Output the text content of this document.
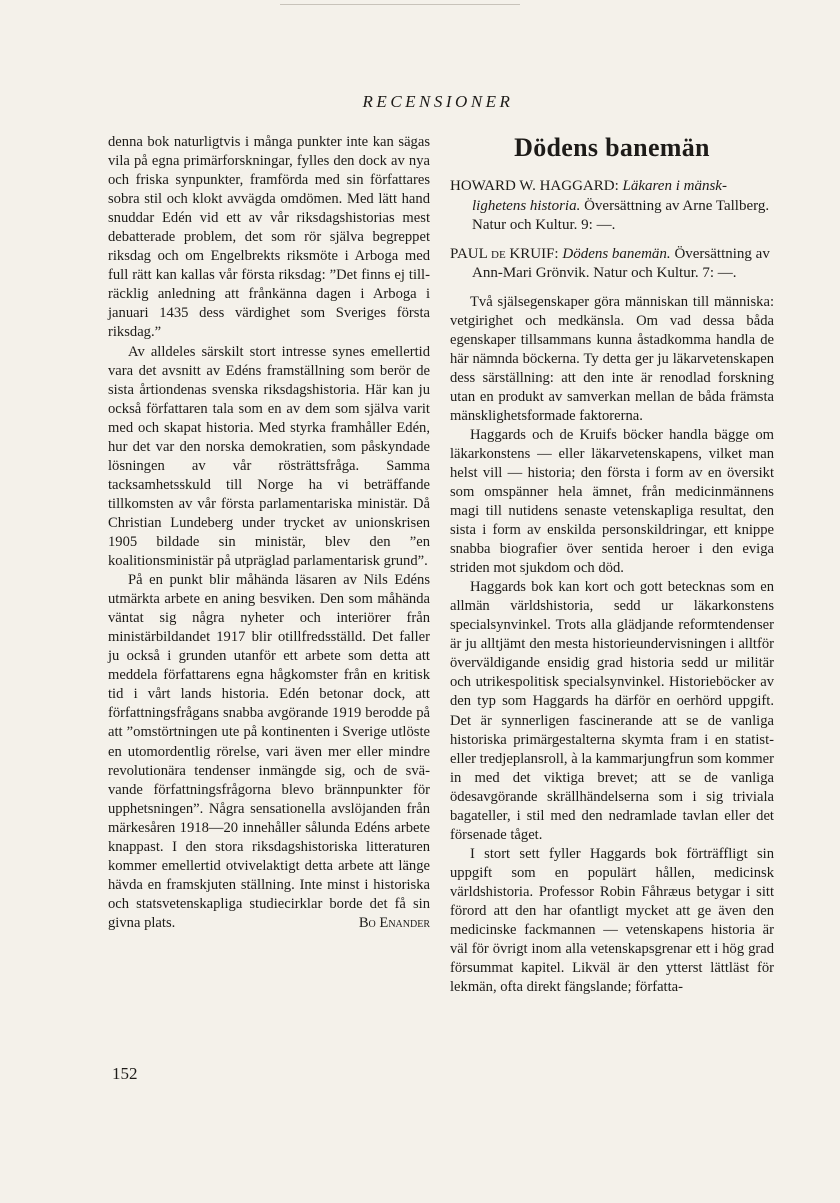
RECENSIONER

denna bok naturligtvis i många punkter inte kan sägas vila på egna primärforskningar, fylles den dock av nya och friska synpunkter, framförda med sin författares sobra stil och klokt avvägda omdömen. Med lätt hand snuddar Edén vid ett av vår riksdagshistorias mest debatterade problem, det som rör själva begreppet riksdag och om Engelbrekts riksmöte i Arboga med full rätt kan kallas vår första riksdag: ”Det finns ej tillräcklig anledning att frånkänna dagen i Arboga i januari 1435 dess värdighet som Sveriges första riksdag.”

Av alldeles särskilt stort intresse synes emellertid vara det avsnitt av Edéns framställning som berör de sista årtiondenas svenska riksdagshistoria. Här kan ju också författaren tala som en av dem som själva varit med och skapat historia. Med styrka framhåller Edén, hur det var den norska demokratien, som påskyndade lösningen av vår rösträttsfråga. Samma tacksamhetsskuld till Norge ha vi beträffande tillkomsten av vår första parlamentariska ministär. Då Christian Lundeberg under trycket av unionskrisen 1905 bildade sin ministär, blev den ”en koalitionsministär på utpräglad parlamentarisk grund”.

På en punkt blir måhända läsaren av Nils Edéns utmärkta arbete en aning besviken. Den som måhända väntat sig några nyheter och interiörer från ministärbildandet 1917 blir otillfredsställd. Det faller ju också i grunden utanför ett arbete som detta att meddela författarens egna hågkomster från en kritisk tid i vårt lands historia. Edén betonar dock, att författningsfrågans snabba avgörande 1919 berodde på att ”omstörtningen ute på kontinenten i Sverige utlöste en utomordentlig rörelse, vari även mer eller mindre revolutionära tendenser inmängde sig, och de svävande författningsfrågorna blevo brännpunkter för upphetsningen”. Några sensationella avslöjanden från märkesåren 1918—20 innehåller sålunda Edéns arbete knappast. I den stora riksdagshistoriska litteraturen kommer emellertid otvivelaktigt detta arbete att länge hävda en framskjuten ställning. Inte minst i historiska och statsvetenskapliga studiecirklar borde det få sin givna plats.	Bo Enander

Dödens banemän

HOWARD W. HAGGARD: Läkaren i mänsklighetens historia. Översättning av Arne Tallberg. Natur och Kultur. 9: —.

PAUL de KRUIF: Dödens banemän. Översättning av Ann-Mari Grönvik. Natur och Kultur. 7: —.

Två själsegenskaper göra människan till människa: vetgirighet och medkänsla. Om vad dessa båda egenskaper tillsammans kunna åstadkomma handla de här nämnda böckerna. Ty detta ger ju läkarvetenskapen dess särställning: att den inte är renodlad forskning utan en produkt av samverkan mellan de båda främsta mänsklighetsformade faktorerna.

Haggards och de Kruifs böcker handla bägge om läkarkonstens — eller läkarvetenskapens, vilket man helst vill — historia; den första i form av en översikt som omspänner hela ämnet, från medicinmännens magi till nutidens senaste vetenskapliga resultat, den sista i form av enskilda personskildringar, ett knippe snabba biografier över sentida heroer i den eviga striden mot sjukdom och död.

Haggards bok kan kort och gott betecknas som en allmän världshistoria, sedd ur läkarkonstens specialsynvinkel. Trots alla glädjande reformtendenser är ju alltjämt den mesta historieundervisningen i alltför överväldigande ensidig grad historia sedd ur militär och utrikespolitisk specialsynvinkel. Historieböcker av den typ som Haggards ha därför en oerhörd uppgift. Det är synnerligen fascinerande att se de vanliga historiska primärgestalterna skymta fram i en statist- eller tredjeplansroll, à la kammarjungfrun som kommer in med det viktiga brevet; att se de vanliga ödesavgörande skrällhändelserna som i sig triviala bagateller, i stil med den nedramlade tavlan eller det försenade tåget.

I stort sett fyller Haggards bok förträffligt sin uppgift som en populärt hållen, medicinsk världshistoria. Professor Robin Fåhræus betygar i sitt förord att den har ofantligt mycket att ge även den medicinske fackmannen — vetenskapens historia är väl för övrigt inom alla vetenskapsgrenar ett i hög grad försummat kapitel. Likväl är den ytterst lättläst för lekmän, ofta direkt fängslande; författa-

152
